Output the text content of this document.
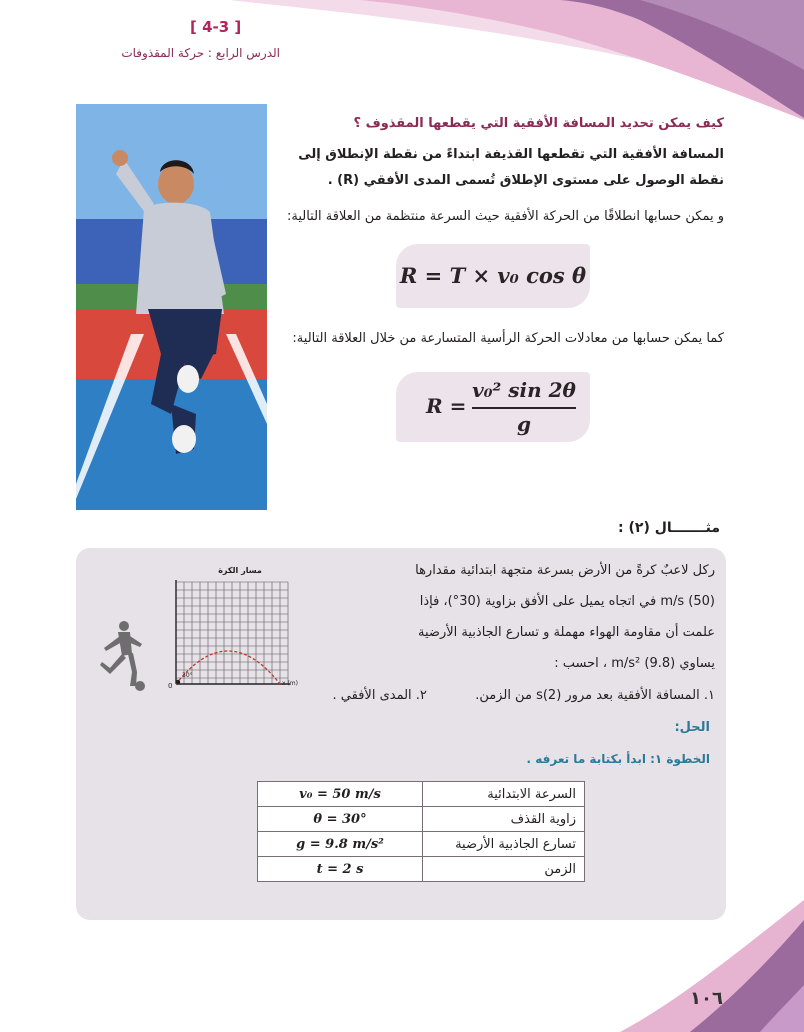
[ 4-3 ]
الدرس الرابع : حركة المقذوفات
كيف يمكن تحديد المسافة الأفقية التي يقطعها المقذوف ؟
المسافة الأفقية التي تقطعها القذيفة ابتداءً من نقطة الإنطلاق إلى نقطة الوصول على مستوى الإطلاق تُسمى المدى الأفقي (R) .
و يمكن حسابها انطلاقًا من الحركة الأفقية حيث السرعة منتظمة من العلاقة التالية:
R = T × v₀ cos θ
كما يمكن حسابها من معادلات الحركة الرأسية المتسارعة من خلال العلاقة التالية:
R =
v₀² sin 2θ
g
مثـــــــال (٢) :
ركل لاعبٌ كرةً من الأرض بسرعة متجهة ابتدائية مقدارها
(50) m/s في اتجاه يميل على الأفق بزاوية (30°)، فإذا
علمت أن مقاومة الهواء مهملة و تسارع الجاذبية الأرضية
يساوي (9.8) m/s² ، احسب :
١. المسافة الأفقية بعد مرور (2)s من الزمن.  ٢. المدى الأفقي .
الحل:
الخطوة ١: ابدأ بكتابة ما تعرفه .
مسار الكرة
30°
0	x (m)
v₀ = 50 m/s	السرعة الابتدائية
θ = 30°	زاوية القذف
g = 9.8 m/s²	تسارع الجاذبية الأرضية
t = 2 s	الزمن
١٠٦
